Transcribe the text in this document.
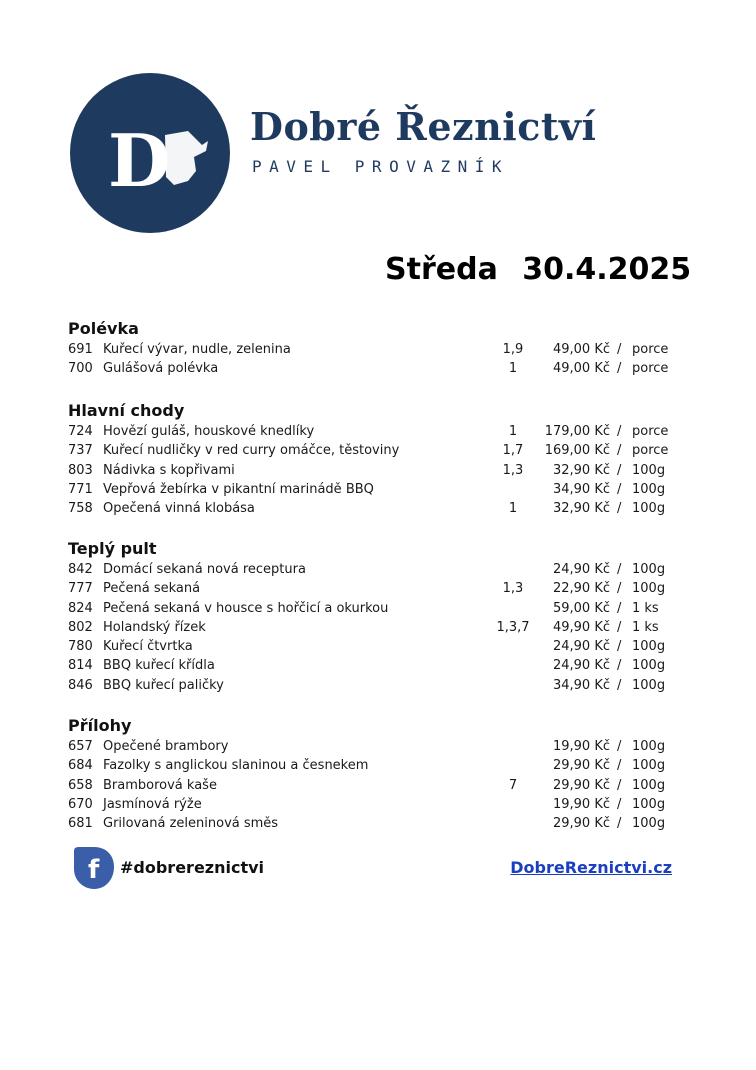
D Dobré Řeznictví
PAVEL PROVAZNÍK
Středa 30.4.2025
Polévka
691 Kuřecí vývar, nudle, zelenina	1,9	49,00 Kč porce
/
700 Gulášová polévka	1	49,00 Kč porce
/
Hlavní chody
724 Hovězí guláš, houskové knedlíky	1	179,00 Kč porce
/
737 Kuřecí nudličky v red curry omáčce, těstoviny	1,7	169,00 Kč porce
/
803 Nádivka s kopřivami	1,3	32,90 Kč 100g
/
771 Vepřová žebírka v pikantní marinádě BBQ	34,90 Kč 100g
/
758 Opečená vinná klobása	1	32,90 Kč 100g
/
Teplý pult
842 Domácí sekaná nová receptura	24,90 Kč 100g
/
777 Pečená sekaná	1,3	22,90 Kč 100g
/
824 Pečená sekaná v housce s hořčicí a okurkou	59,00 Kč 1 ks
/
802 Holandský řízek	1,3,7	49,90 Kč 1 ks
/
780 Kuřecí čtvrtka	24,90 Kč 100g
/
814 BBQ kuřecí křídla	24,90 Kč 100g
/
846 BBQ kuřecí paličky	34,90 Kč 100g
/
Přílohy
657 Opečené brambory	19,90 Kč 100g
/
684 Fazolky s anglickou slaninou a česnekem	29,90 Kč 100g
/
658 Bramborová kaše	7	29,90 Kč 100g
/
670 Jasmínová rýže	19,90 Kč 100g
/
681 Grilovaná zeleninová směs	29,90 Kč 100g
/
f #dobrereznictvi	DobreReznictvi.cz
